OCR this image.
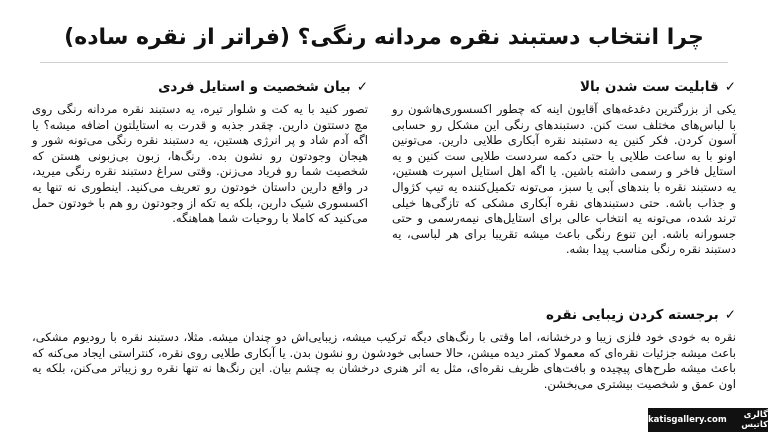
چرا انتخاب دستبند نقره مردانه رنگی؟ (فراتر از نقره ساده)
✓قابلیت ست شدن بالا

یکی از بزرگترین دغدغه‌های آقایون اینه که چطور اکسسوری‌هاشون رو با لباس‌های مختلف ست کنن. دستبندهای رنگی این مشکل رو حسابی آسون کردن. فکر کنین یه دستبند نقره آبکاری طلایی دارین. می‌تونین اونو با یه ساعت طلایی یا حتی دکمه سردست طلایی ست کنین و یه استایل فاخر و رسمی داشته باشین. یا اگه اهل استایل اسپرت هستین، یه دستبند نقره با بندهای آبی یا سبز، می‌تونه تکمیل‌کننده یه تیپ کژوال و جذاب باشه. حتی دستبندهای نقره آبکاری مشکی که تازگی‌ها خیلی ترند شده، می‌تونه یه انتخاب عالی برای استایل‌های نیمه‌رسمی و حتی جسورانه باشه. این تنوع رنگی باعث میشه تقریبا برای هر لباسی، یه دستبند نقره رنگی مناسب پیدا بشه.

✓بیان شخصیت و استایل فردی

تصور کنید با یه کت و شلوار تیره، یه دستبند نقره مردانه رنگی روی مچ دستتون دارین. چقدر جذبه و قدرت به استایلتون اضافه میشه؟ یا اگه آدم شاد و پر انرژی هستین، یه دستبند نقره رنگی می‌تونه شور و هیجان وجودتون رو نشون بده. رنگ‌ها، زبون بی‌زبونی هستن که شخصیت شما رو فریاد می‌زنن. وقتی سراغ دستبند نقره رنگی میرید، در واقع دارین داستان خودتون رو تعریف می‌کنید. اینطوری نه تنها یه اکسسوری شیک دارین، بلکه یه تکه از وجودتون رو هم با خودتون حمل می‌کنید که کاملا با روحیات شما هماهنگه.

✓برجسته کردن زیبایی نقره

نقره به خودی خود فلزی زیبا و درخشانه، اما وقتی با رنگ‌های دیگه ترکیب میشه، زیبایی‌اش دو چندان میشه. مثلا، دستبند نقره با رودیوم مشکی، باعث میشه جزئیات نقره‌ای که معمولا کمتر دیده میشن، حالا حسابی خودشون رو نشون بدن. یا آبکاری طلایی روی نقره، کنتراستی ایجاد می‌کنه که باعث میشه طرح‌های پیچیده و بافت‌های ظریف نقره‌ای، مثل یه اثر هنری درخشان به چشم بیان. این رنگ‌ها نه تنها نقره رو زیباتر می‌کنن، بلکه یه اون عمق و شخصیت بیشتری می‌بخشن.

گالری کاتیس
katisgallery.com
